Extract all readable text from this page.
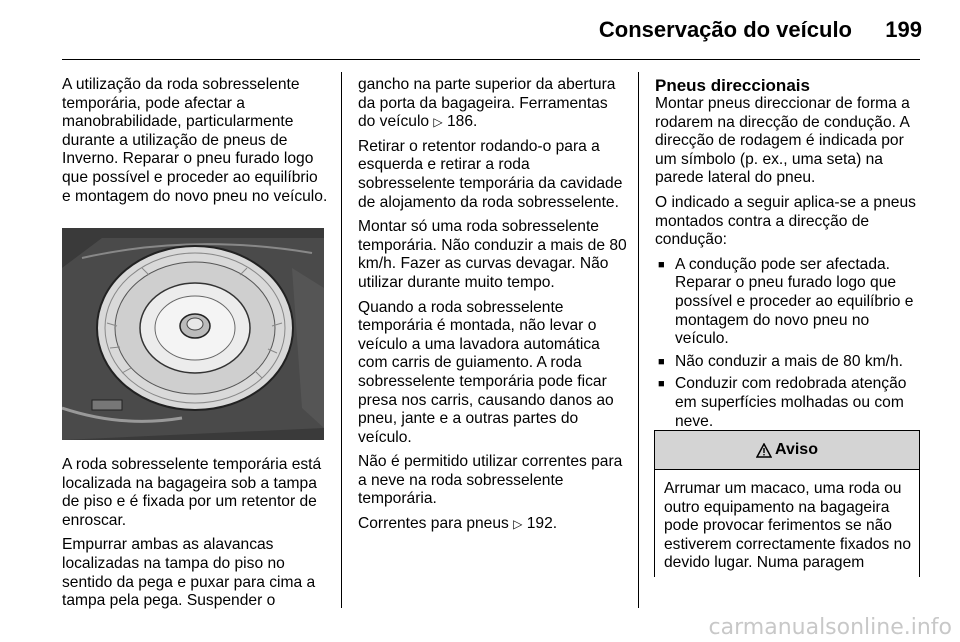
Conservação do veículo 199

A utilização da roda sobresselente temporária, pode afectar a manobrabilidade, particularmente durante a utilização de pneus de Inverno. Reparar o pneu furado logo que possível e proceder ao equilíbrio e montagem do novo pneu no veículo.

A roda sobresselente temporária está localizada na bagageira sob a tampa de piso e é fixada por um retentor de enroscar.

Empurrar ambas as alavancas localizadas na tampa do piso no sentido da pega e puxar para cima a tampa pela pega. Suspender o

gancho na parte superior da abertura da porta da bagageira. Ferramentas do veículo ▷ 186.

Retirar o retentor rodando-o para a esquerda e retirar a roda sobresselente temporária da cavidade de alojamento da roda sobresselente.

Montar só uma roda sobresselente temporária. Não conduzir a mais de 80 km/h. Fazer as curvas devagar. Não utilizar durante muito tempo.

Quando a roda sobresselente temporária é montada, não levar o veículo a uma lavadora automática com carris de guiamento. A roda sobresselente temporária pode ficar presa nos carris, causando danos ao pneu, jante e a outras partes do veículo.

Não é permitido utilizar correntes para a neve na roda sobresselente temporária.

Correntes para pneus ▷ 192.

Pneus direccionais

Montar pneus direccionar de forma a rodarem na direcção de condução. A direcção de rodagem é indicada por um símbolo (p. ex., uma seta) na parede lateral do pneu.

O indicado a seguir aplica-se a pneus montados contra a direcção de condução:

■ A condução pode ser afectada. Reparar o pneu furado logo que possível e proceder ao equilíbrio e montagem do novo pneu no veículo.
■ Não conduzir a mais de 80 km/h.
■ Conduzir com redobrada atenção em superfícies molhadas ou com neve.
Aviso
Arrumar um macaco, uma roda ou outro equipamento na bagageira pode provocar ferimentos se não estiverem correctamente fixados no devido lugar. Numa paragem
carmanualsonline.info
